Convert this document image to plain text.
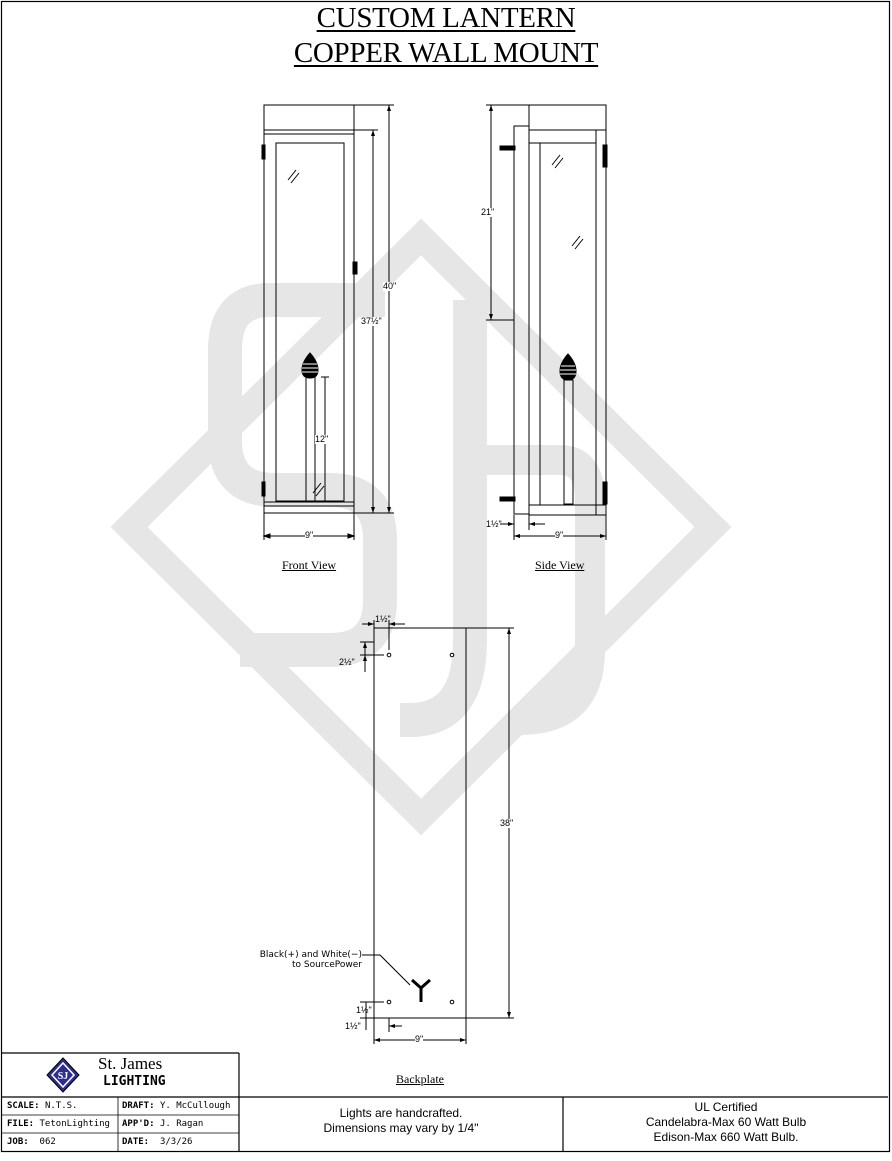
CUSTOM LANTERN
COPPER WALL MOUNT
SJ
40"
37½"
12"
9"
Front View
21"
1½"
9"
Side View
1½"
2½"
38"
1½"
1½"
9"
Black(+) and White(−)
to SourcePower
Backplate
St. James
LIGHTING
SCALE: N.T.S.	DRAFT: Y. McCullough
FILE: TetonLighting APP'D: J. Ragan
JOB: 062	DATE: 3/3/26
Lights are handcrafted.
Dimensions may vary by 1/4"
UL Certified
Candelabra-Max 60 Watt Bulb
Edison-Max 660 Watt Bulb.
